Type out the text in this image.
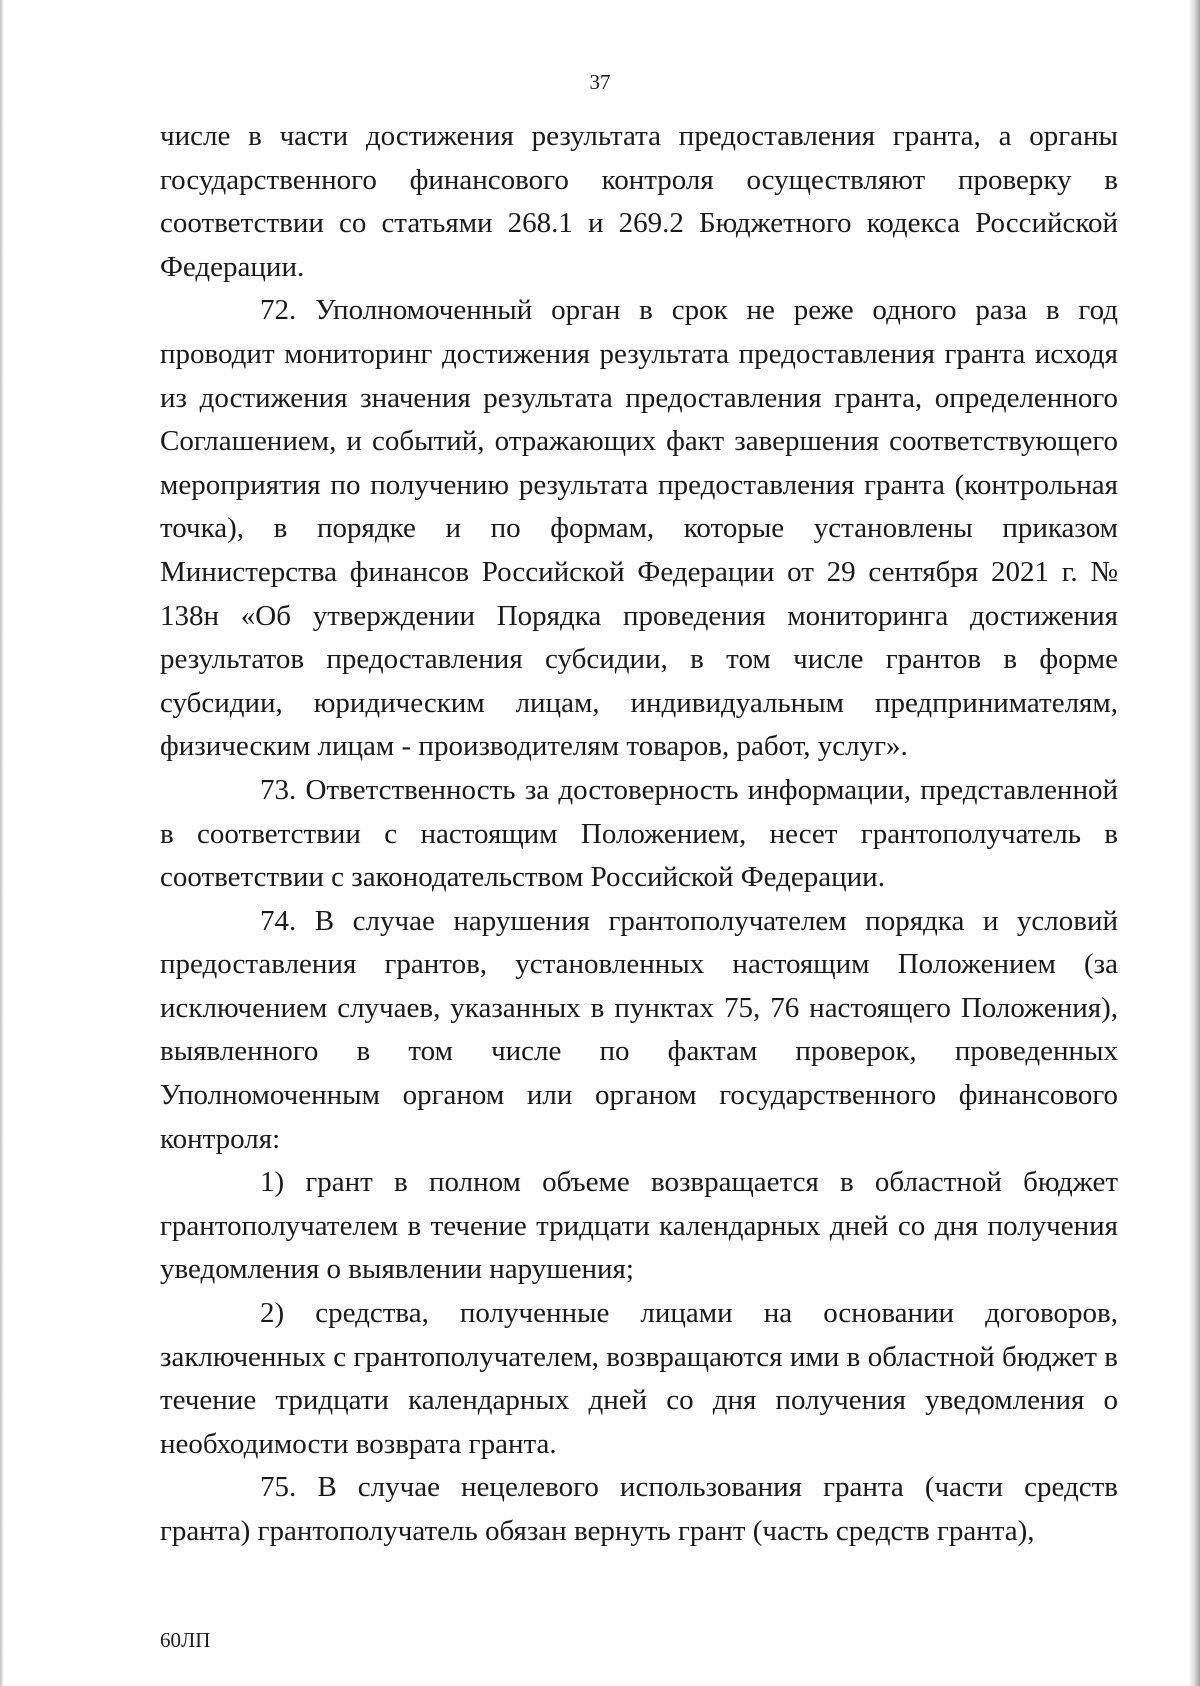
37

числе в части достижения результата предоставления гранта, а органы государственного финансового контроля осуществляют проверку в соответствии со статьями 268.1 и 269.2 Бюджетного кодекса Российской Федерации.

72. Уполномоченный орган в срок не реже одного раза в год проводит мониторинг достижения результата предоставления гранта исходя из достижения значения результата предоставления гранта, определенного Соглашением, и событий, отражающих факт завершения соответствующего мероприятия по получению результата предоставления гранта (контрольная точка), в порядке и по формам, которые установлены приказом Министерства финансов Российской Федерации от 29 сентября 2021 г. № 138н «Об утверждении Порядка проведения мониторинга достижения результатов предоставления субсидии, в том числе грантов в форме субсидии, юридическим лицам, индивидуальным предпринимателям, физическим лицам - производителям товаров, работ, услуг».

73. Ответственность за достоверность информации, представленной в соответствии с настоящим Положением, несет грантополучатель в соответствии с законодательством Российской Федерации.

74. В случае нарушения грантополучателем порядка и условий предоставления грантов, установленных настоящим Положением (за исключением случаев, указанных в пунктах 75, 76 настоящего Положения), выявленного в том числе по фактам проверок, проведенных Уполномоченным органом или органом государственного финансового контроля:

1) грант в полном объеме возвращается в областной бюджет грантополучателем в течение тридцати календарных дней со дня получения уведомления о выявлении нарушения;

2) средства, полученные лицами на основании договоров, заключенных с грантополучателем, возвращаются ими в областной бюджет в течение тридцати календарных дней со дня получения уведомления о необходимости возврата гранта.

75. В случае нецелевого использования гранта (части средств гранта) грантополучатель обязан вернуть грант (часть средств гранта),

60ЛП
